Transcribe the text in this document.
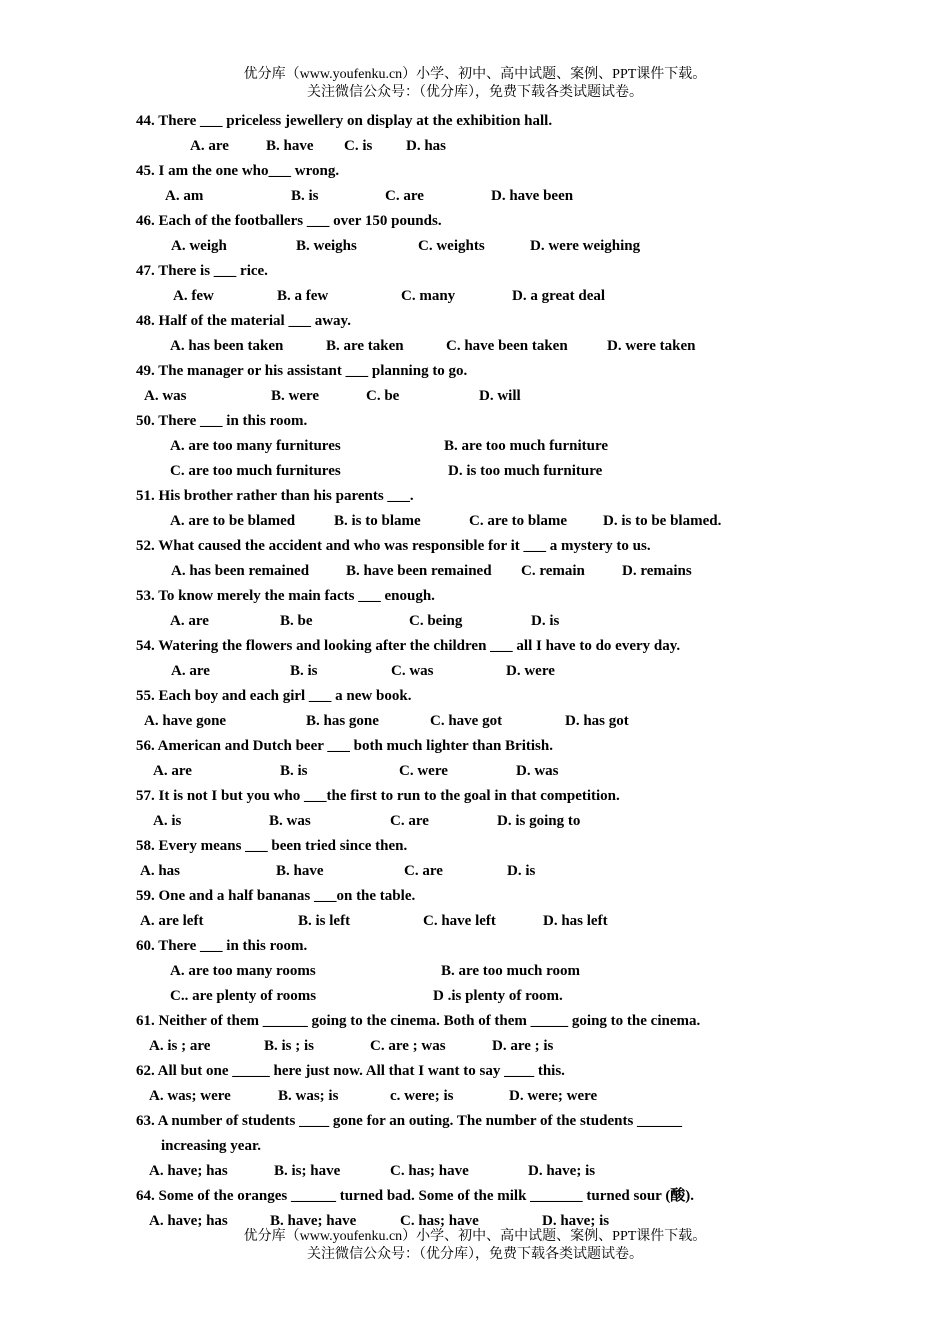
优分库（www.youfenku.cn）小学、初中、高中试题、案例、PPT课件下载。
关注微信公众号：（优分库），免费下载各类试题试卷。
44. There ___ priceless jewellery on display at the exhibition hall.
A. are B. have C. is D. has
45. I am the one who___ wrong.
A. am	B. is	C. are	D. have been
46. Each of the footballers ___ over 150 pounds.
A. weigh	B. weighs	C. weights	D. were weighing
47. There is ___ rice.
A. few	B. a few	C. many	D. a great deal
48. Half of the material ___ away.
A. has been taken	B. are taken	C. have been taken	D. were taken
49. The manager or his assistant ___ planning to go.
A. was	B. were	C. be	D. will
50. There ___ in this room.
A. are too many furnitures	B. are too much furniture
C. are too much furnitures	D. is too much furniture
51. His brother rather than his parents ___.
A. are to be blamed	B. is to blame	C. are to blame D. is to be blamed.
52. What caused the accident and who was responsible for it ___ a mystery to us.
A. has been remained B. have been remained C. remain D. remains
53. To know merely the main facts ___ enough.
A. are	B. be	C. being	D. is
54. Watering the flowers and looking after the children ___ all I have to do every day.
A. are	B. is	C. was	D. were
55. Each boy and each girl ___ a new book.
A. have gone	B. has gone	C. have got	D. has got
56. American and Dutch beer ___ both much lighter than British.
A. are	B. is	C. were	D. was
57. It is not I but you who ___the first to run to the goal in that competition.
A. is	B. was	C. are	D. is going to
58. Every means ___ been tried since then.
A. has	B. have	C. are	D. is
59. One and a half bananas ___on the table.
A. are left	B. is left	C. have left	D. has left
60. There ___ in this room.
A. are too many rooms	B. are too much room
C.. are plenty of rooms	D .is plenty of room.
61. Neither of them ______ going to the cinema. Both of them _____ going to the cinema.
A. is ; are	B. is ; is	C. are ; was	D. are ; is
62. All but one _____ here just now. All that I want to say ____ this.
A. was; were	B. was; is	c. were; is	D. were; were
63. A number of students ____ gone for an outing. The number of the students ______
increasing year.
A. have; has	B. is; have	C. has; have	D. have; is
64. Some of the oranges ______ turned bad. Some of the milk _______ turned sour (酸).
A. have; has	B. have; have	C. has; have	D. have; is
优分库（www.youfenku.cn）小学、初中、高中试题、案例、PPT课件下载。
关注微信公众号：（优分库），免费下载各类试题试卷。
